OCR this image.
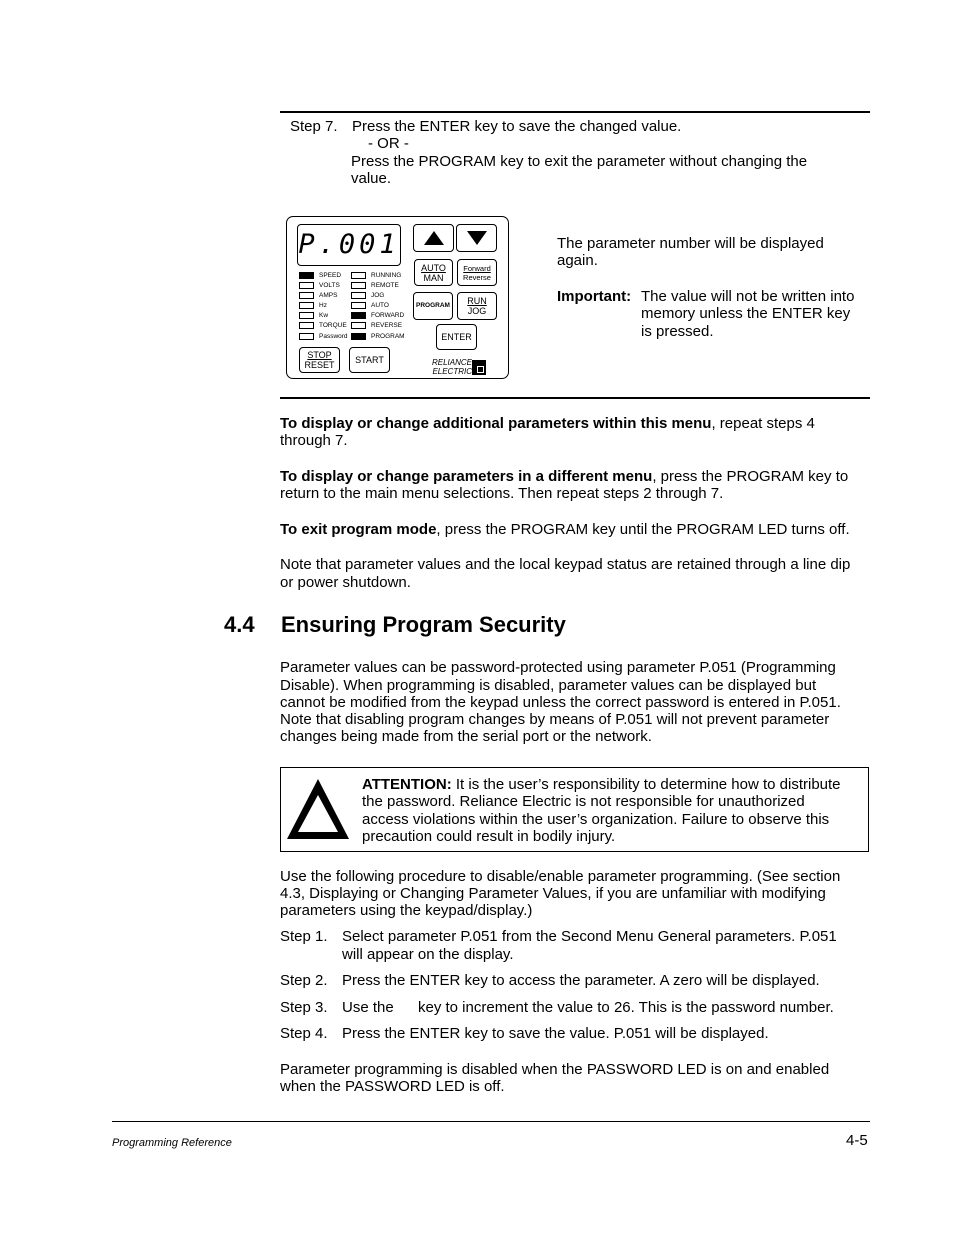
Step 7. Press the ENTER key to save the changed value.
- OR -
Press the PROGRAM key to exit the parameter without changing the
value.
P.001
AUTO
MAN
Forward
Reverse
PROGRAM RUN
JOG
ENTER
STOP
RESET START
SPEED
VOLTS
AMPS
Hz
Kw
TORQUE
Password
RUNNING
REMOTE
JOG
AUTO
FORWARD
REVERSE
PROGRAM
RELIANCE
ELECTRIC
The parameter number will be displayed
again.
Important: The value will not be written into
memory unless the ENTER key
is pressed.
To display or change additional parameters within this menu, repeat steps 4
through 7.
To display or change parameters in a different menu, press the PROGRAM key to
return to the main menu selections. Then repeat steps 2 through 7.
To exit program mode, press the PROGRAM key until the PROGRAM LED turns off.
Note that parameter values and the local keypad status are retained through a line dip
or power shutdown.
4.4 Ensuring Program Security
Parameter values can be password-protected using parameter P.051 (Programming
Disable). When programming is disabled, parameter values can be displayed but
cannot be modified from the keypad unless the correct password is entered in P.051.
Note that disabling program changes by means of P.051 will not prevent parameter
changes being made from the serial port or the network.
ATTENTION: It is the user’s responsibility to determine how to distribute
the password. Reliance Electric is not responsible for unauthorized
access violations within the user’s organization. Failure to observe this
precaution could result in bodily injury.
Use the following procedure to disable/enable parameter programming. (See section
4.3, Displaying or Changing Parameter Values, if you are unfamiliar with modifying
parameters using the keypad/display.)
Step 1. Select parameter P.051 from the Second Menu General parameters. P.051
will appear on the display.
Step 2. Press the ENTER key to access the parameter. A zero will be displayed.
Step 3. Use the key to increment the value to 26. This is the password number.
Step 4. Press the ENTER key to save the value. P.051 will be displayed.
Parameter programming is disabled when the PASSWORD LED is on and enabled
when the PASSWORD LED is off.
Programming Reference	4-5
